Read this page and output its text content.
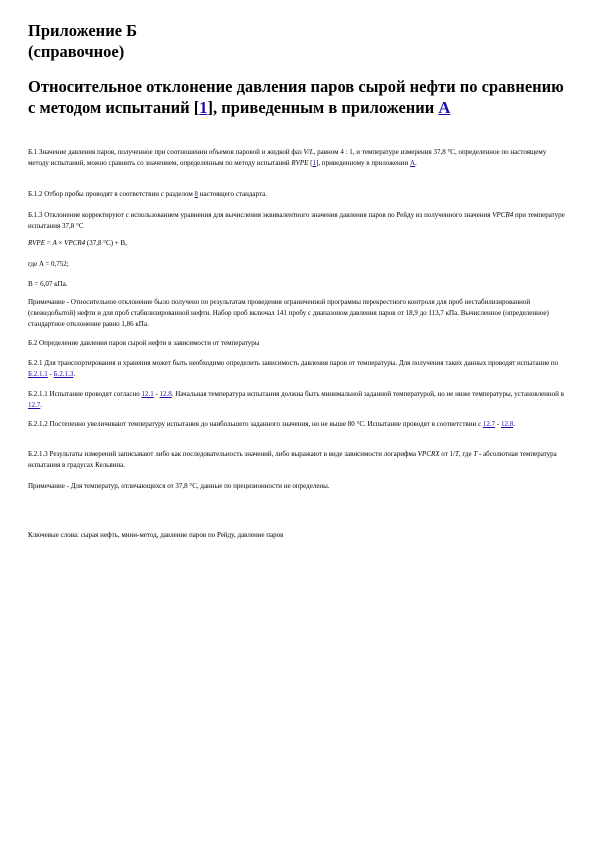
Приложение Б
(справочное)
Относительное отклонение давления паров сырой нефти по сравнению с методом испытаний [1], приведенным в приложении A

Б.1 Значение давления паров, полученное при соотношении объемов паровой и жидкой фаз V/L, равном 4 : 1, и температуре измерения 37,8 °С, определенное по настоящему методу испытаний, можно сравнить со значением, определенным по методу испытаний RVPE [1], приведенному в приложении А.

Б.1.2 Отбор пробы проводят в соответствии с разделом 8 настоящего стандарта.

Б.1.3 Отклонение корректируют с использованием уравнения для вычисления эквивалентного значения давления паров по Рейду из полученного значения VPCR4 при температуре испытания 37,8 °С

RVPE = A × VPCR4 (37,8 °С) + B,

где A = 0,752;

B = 6,07 кПа.

Примечание - Относительное отклонение было получено по результатам проведения ограниченной программы перекрестного контроля для проб нестабилизированной (свежедобытой) нефти и для проб стабилизированной нефти. Набор проб включал 141 пробу с диапазоном давления паров от 18,9 до 113,7 кПа. Вычисленное (определенное) стандартное отклонение равно 1,86 кПа.

Б.2 Определение давления паров сырой нефти в зависимости от температуры

Б.2.1 Для транспортирования и хранения может быть необходимо определить зависимость давления паров от температуры. Для получения таких данных проводят испытание по Б.2.1.1 - Б.2.1.3.

Б.2.1.1 Испытание проводят согласно 12.1 - 12.8. Начальная температура испытания должна быть минимальной заданной температурой, но не ниже температуры, установленной в 12.7.

Б.2.1.2 Постепенно увеличивают температуру испытания до наибольшего заданного значения, но не выше 80 °С. Испытание проводят в соответствии с 12.7 - 12.8.

Б.2.1.3 Результаты измерений записывают либо как последовательность значений, либо выражают в виде зависимости логарифма VPCRX от 1/T, где T - абсолютная температура испытания в градусах Кельвина.

Примечание - Для температур, отличающихся от 37,8 °С, данные по прецизионности не определены.

Ключевые слова: сырая нефть, мини-метод, давление паров по Рейду, давление паров
